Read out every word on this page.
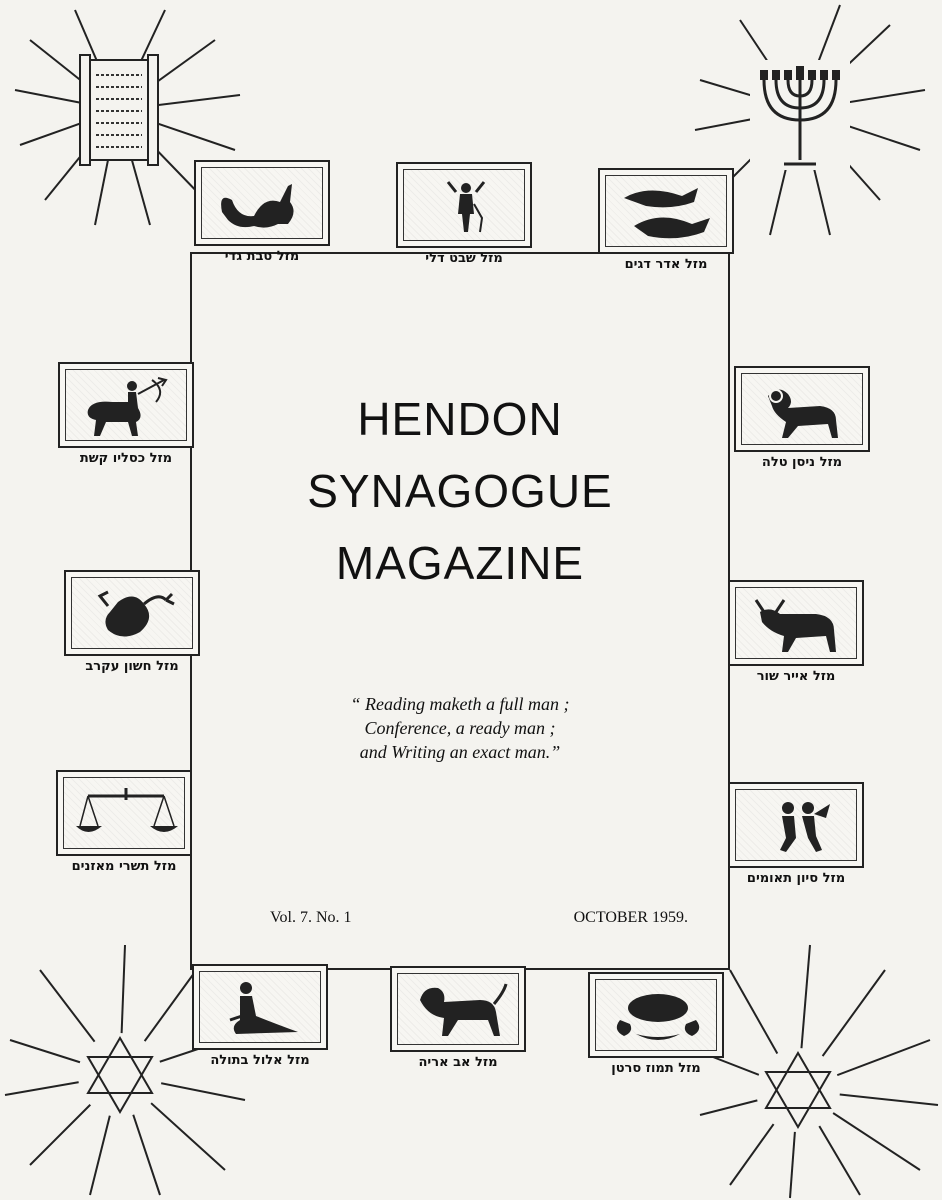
HENDON
SYNAGOGUE
MAGAZINE
“ Reading maketh a full man ;
Conference, a ready man ;
and Writing an exact man.”
Vol. 7. No. 1	OCTOBER 1959.
מזל טבת גדי	מזל שבט דלי	מזל אדר דגים
מזל כסליו קשת
מזל חשון עקרב
מזל תשרי מאזנים
מזל ניסן טלה
מזל אייר שור
מזל סיון תאומים
מזל אלול בתולה	מזל אב אריה	מזל תמוז סרטן
